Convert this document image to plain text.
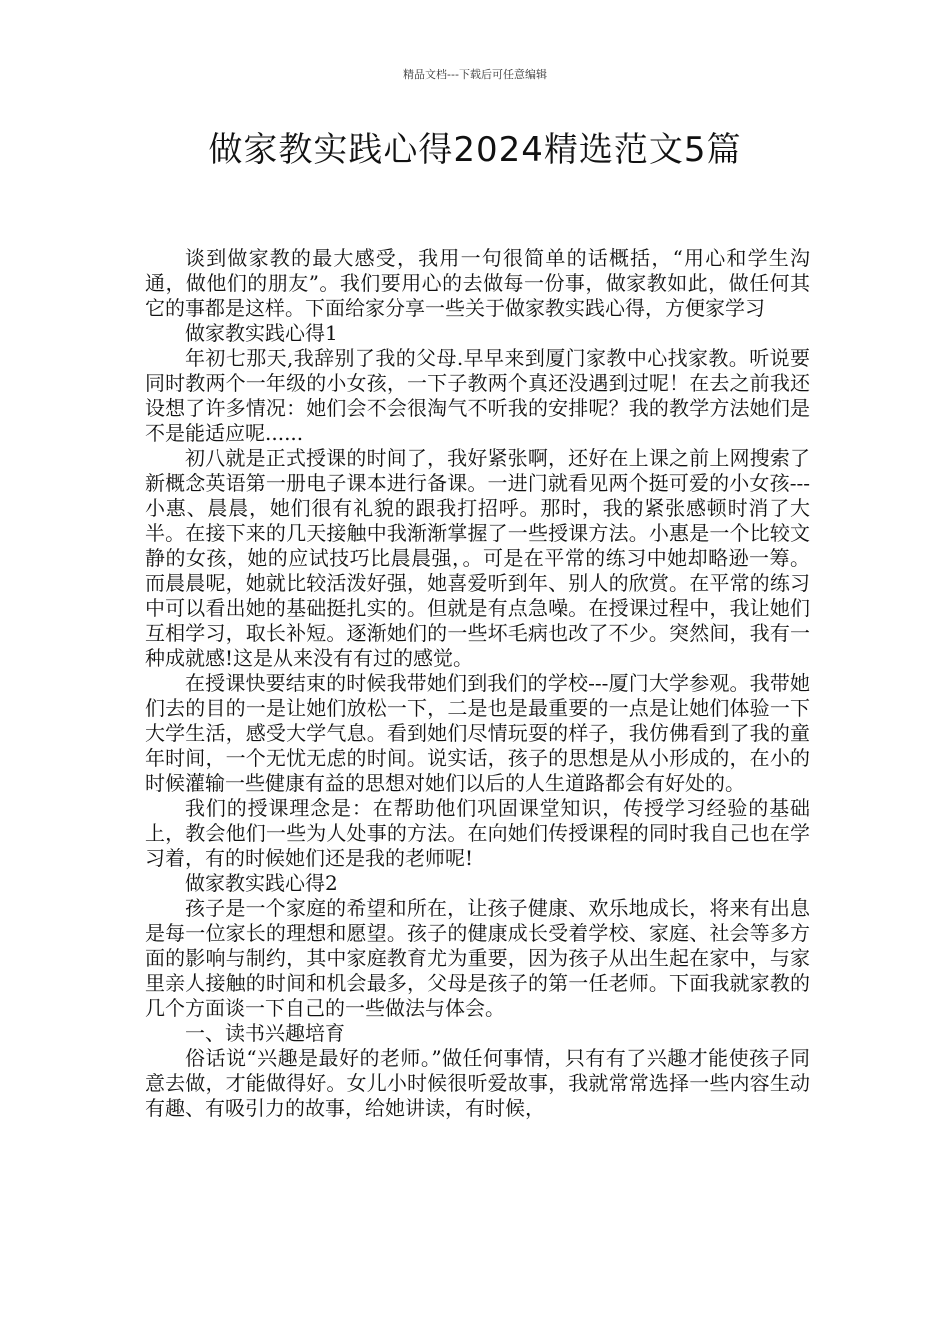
精品文档---下载后可任意编辑
做家教实践心得2024精选范文5篇

谈到做家教的最大感受，我用一句很简单的话概括，“用心和学生沟通，做他们的朋友”。我们要用心的去做每一份事，做家教如此，做任何其它的事都是这样。下面给家分享一些关于做家教实践心得，方便家学习

做家教实践心得1

年初七那天,我辞别了我的父母.早早来到厦门家教中心找家教。听说要同时教两个一年级的小女孩，一下子教两个真还没遇到过呢！在去之前我还设想了许多情况：她们会不会很淘气不听我的安排呢？我的教学方法她们是不是能适应呢......

初八就是正式授课的时间了，我好紧张啊，还好在上课之前上网搜索了新概念英语第一册电子课本进行备课。一进门就看见两个挺可爱的小女孩---小惠、晨晨，她们很有礼貌的跟我打招呼。那时，我的紧张感顿时消了大半。在接下来的几天接触中我渐渐掌握了一些授课方法。小惠是一个比较文静的女孩，她的应试技巧比晨晨强，。可是在平常的练习中她却略逊一筹。而晨晨呢，她就比较活泼好强，她喜爱听到年、别人的欣赏。在平常的练习中可以看出她的基础挺扎实的。但就是有点急噪。在授课过程中，我让她们互相学习，取长补短。逐渐她们的一些坏毛病也改了不少。突然间，我有一种成就感!这是从来没有有过的感觉。

在授课快要结束的时候我带她们到我们的学校---厦门大学参观。我带她们去的目的一是让她们放松一下，二是也是最重要的一点是让她们体验一下大学生活，感受大学气息。看到她们尽情玩耍的样子，我仿佛看到了我的童年时间，一个无忧无虑的时间。说实话，孩子的思想是从小形成的，在小的时候灌输一些健康有益的思想对她们以后的人生道路都会有好处的。

我们的授课理念是：在帮助他们巩固课堂知识，传授学习经验的基础上，教会他们一些为人处事的方法。在向她们传授课程的同时我自己也在学习着，有的时候她们还是我的老师呢!

做家教实践心得2

孩子是一个家庭的希望和所在，让孩子健康、欢乐地成长，将来有出息是每一位家长的理想和愿望。孩子的健康成长受着学校、家庭、社会等多方面的影响与制约，其中家庭教育尤为重要，因为孩子从出生起在家中，与家里亲人接触的时间和机会最多，父母是孩子的第一任老师。下面我就家教的几个方面谈一下自己的一些做法与体会。

一、读书兴趣培育

俗话说“兴趣是最好的老师。”做任何事情，只有有了兴趣才能使孩子同意去做，才能做得好。女儿小时候很听爱故事，我就常常选择一些内容生动有趣、有吸引力的故事，给她讲读，有时候，
